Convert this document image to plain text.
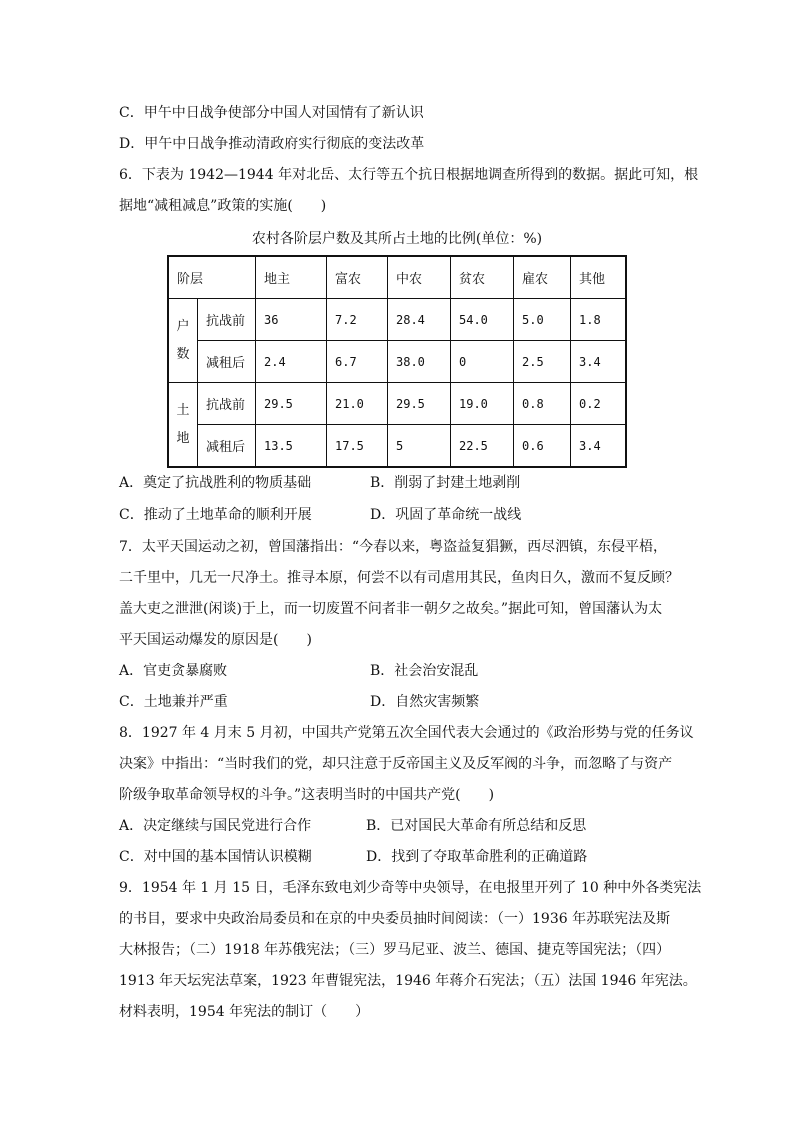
C．甲午中日战争使部分中国人对国情有了新认识
D．甲午中日战争推动清政府实行彻底的变法改革
6．下表为 1942—1944 年对北岳、太行等五个抗日根据地调查所得到的数据。据此可知，根
据地“减租减息”政策的实施(　　)
农村各阶层户数及其所占土地的比例(单位：%)
阶层		地主	富农	中农	贫农	雇农	其他

户
数	抗战前	36	7.2	28.4	54.0	5.0	1.8
	减租后	2.4	6.7	38.0	0	2.5	3.4

土
地	抗战前	29.5	21.0	29.5	19.0	0.8	0.2
	减租后	13.5	17.5	5	22.5	0.6	3.4
A．奠定了抗战胜利的物质基础	B．削弱了封建土地剥削
C．推动了土地革命的顺利开展	D．巩固了革命统一战线
7．太平天国运动之初，曾国藩指出：“今春以来，粤盗益复猖獗，西尽泗镇，东侵平梧，
二千里中，几无一尺净土。推寻本原，何尝不以有司虐用其民，鱼肉日久，激而不复反顾？
盖大吏之泄泄(闲谈)于上，而一切废置不问者非一朝夕之故矣。”据此可知，曾国藩认为太
平天国运动爆发的原因是(　　)
A．官吏贪暴腐败	B．社会治安混乱
C．土地兼并严重	D．自然灾害频繁
8．1927 年 4 月末 5 月初，中国共产党第五次全国代表大会通过的《政治形势与党的任务议
决案》中指出：“当时我们的党，却只注意于反帝国主义及反军阀的斗争，而忽略了与资产
阶级争取革命领导权的斗争。”这表明当时的中国共产党(　　)
A．决定继续与国民党进行合作	B．已对国民大革命有所总结和反思
C．对中国的基本国情认识模糊	D．找到了夺取革命胜利的正确道路
9．1954 年 1 月 15 日，毛泽东致电刘少奇等中央领导，在电报里开列了 10 种中外各类宪法
的书目，要求中央政治局委员和在京的中央委员抽时间阅读：（一）1936 年苏联宪法及斯
大林报告；（二）1918 年苏俄宪法；（三）罗马尼亚、波兰、德国、捷克等国宪法；（四）
1913 年天坛宪法草案，1923 年曹锟宪法，1946 年蒋介石宪法；（五）法国 1946 年宪法。
材料表明，1954 年宪法的制订（　　）
